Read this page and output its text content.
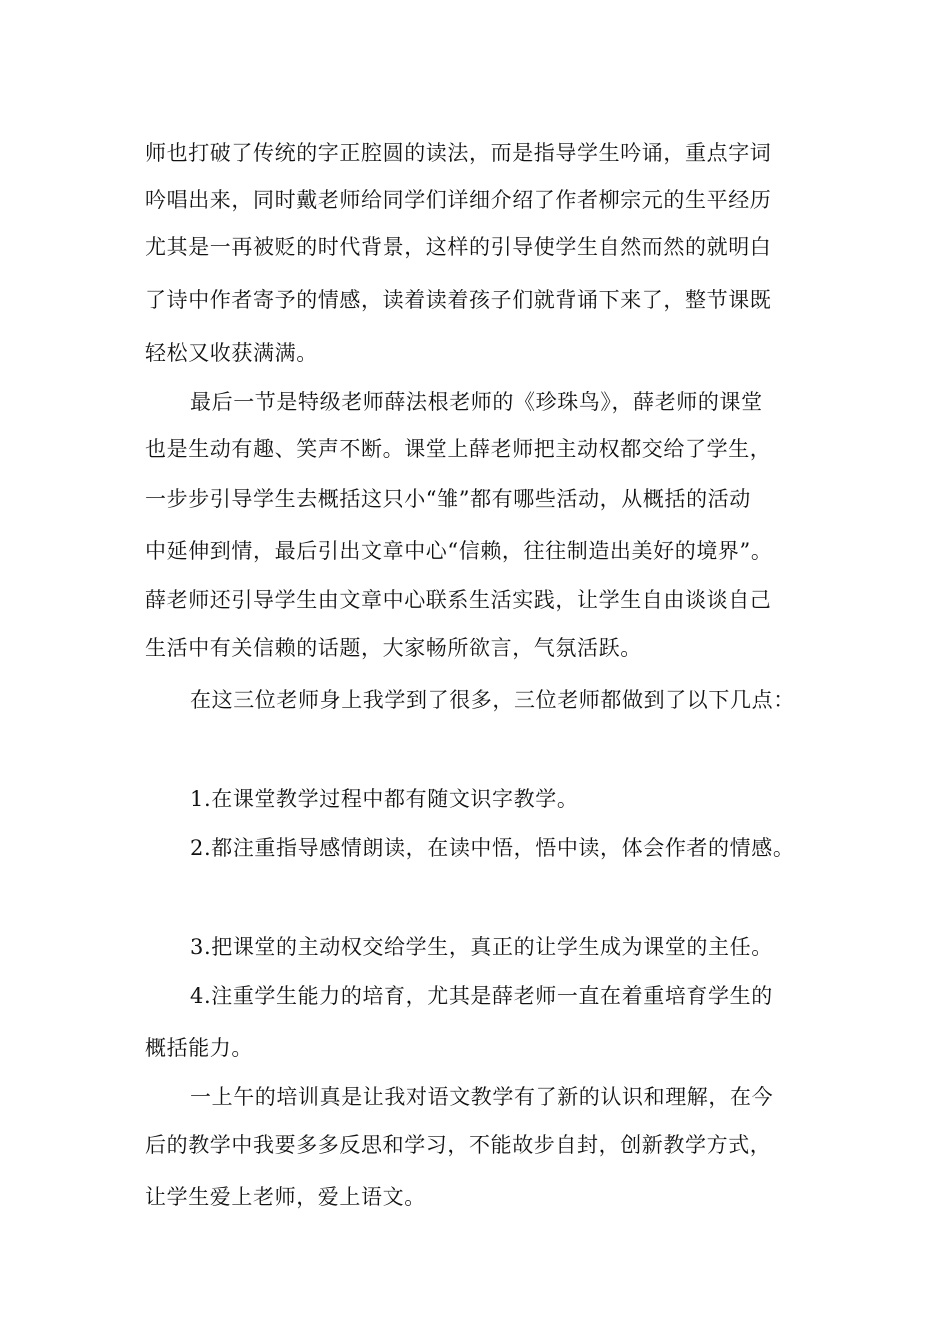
师也打破了传统的字正腔圆的读法，而是指导学生吟诵，重点字词
吟唱出来，同时戴老师给同学们详细介绍了作者柳宗元的生平经历
尤其是一再被贬的时代背景，这样的引导使学生自然而然的就明白
了诗中作者寄予的情感，读着读着孩子们就背诵下来了，整节课既
轻松又收获满满。
最后一节是特级老师薛法根老师的《珍珠鸟》，薛老师的课堂
也是生动有趣、笑声不断。课堂上薛老师把主动权都交给了学生，
一步步引导学生去概括这只小“雏”都有哪些活动，从概括的活动
中延伸到情，最后引出文章中心“信赖，往往制造出美好的境界”。
薛老师还引导学生由文章中心联系生活实践，让学生自由谈谈自己
生活中有关信赖的话题，大家畅所欲言，气氛活跃。
在这三位老师身上我学到了很多，三位老师都做到了以下几点：
1.在课堂教学过程中都有随文识字教学。
2.都注重指导感情朗读，在读中悟，悟中读，体会作者的情感。
3.把课堂的主动权交给学生，真正的让学生成为课堂的主任。
4.注重学生能力的培育，尤其是薛老师一直在着重培育学生的
概括能力。
一上午的培训真是让我对语文教学有了新的认识和理解，在今
后的教学中我要多多反思和学习，不能故步自封，创新教学方式，
让学生爱上老师，爱上语文。
